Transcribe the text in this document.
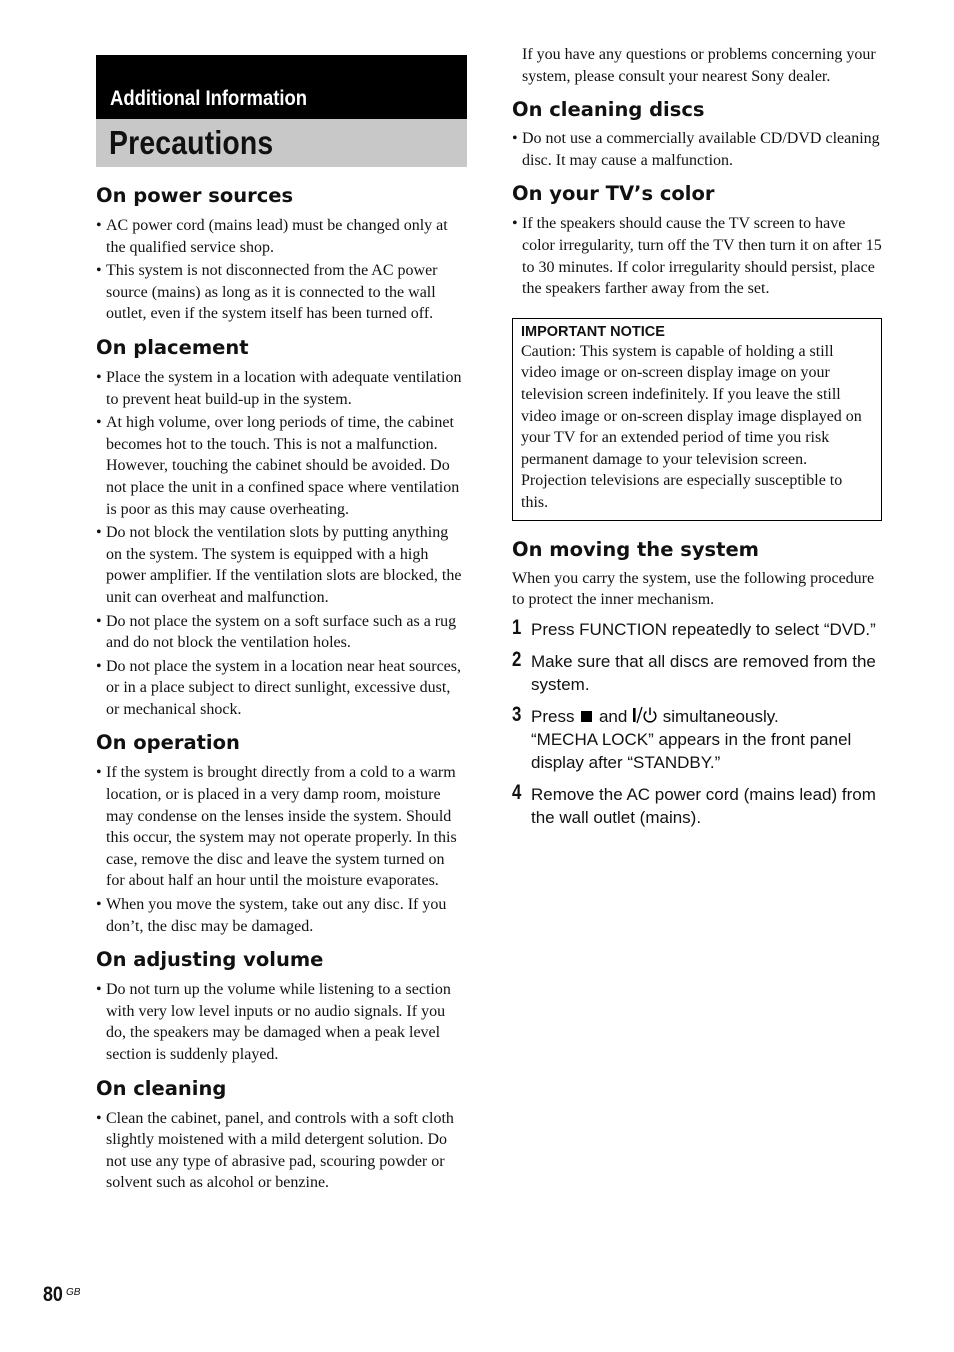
Additional Information
Precautions
On power sources
• AC power cord (mains lead) must be changed only at the qualified service shop.
• This system is not disconnected from the AC power source (mains) as long as it is connected to the wall outlet, even if the system itself has been turned off.
On placement
• Place the system in a location with adequate ventilation to prevent heat build-up in the system.
• At high volume, over long periods of time, the cabinet becomes hot to the touch. This is not a malfunction. However, touching the cabinet should be avoided. Do not place the unit in a confined space where ventilation is poor as this may cause overheating.
• Do not block the ventilation slots by putting anything on the system. The system is equipped with a high power amplifier. If the ventilation slots are blocked, the unit can overheat and malfunction.
• Do not place the system on a soft surface such as a rug and do not block the ventilation holes.
• Do not place the system in a location near heat sources, or in a place subject to direct sunlight, excessive dust, or mechanical shock.
On operation
• If the system is brought directly from a cold to a warm location, or is placed in a very damp room, moisture may condense on the lenses inside the system. Should this occur, the system may not operate properly. In this case, remove the disc and leave the system turned on for about half an hour until the moisture evaporates.
• When you move the system, take out any disc. If you don’t, the disc may be damaged.
On adjusting volume
• Do not turn up the volume while listening to a section with very low level inputs or no audio signals. If you do, the speakers may be damaged when a peak level section is suddenly played.
On cleaning
• Clean the cabinet, panel, and controls with a soft cloth slightly moistened with a mild detergent solution. Do not use any type of abrasive pad, scouring powder or solvent such as alcohol or benzine.

If you have any questions or problems concerning your system, please consult your nearest Sony dealer.

On cleaning discs
• Do not use a commercially available CD/DVD cleaning disc. It may cause a malfunction.
On your TV’s color
• If the speakers should cause the TV screen to have color irregularity, turn off the TV then turn it on after 15 to 30 minutes. If color irregularity should persist, place the speakers farther away from the set.
IMPORTANT NOTICE
Caution: This system is capable of holding a still video image or on-screen display image on your television screen indefinitely. If you leave the still video image or on-screen display image displayed on your TV for an extended period of time you risk permanent damage to your television screen. Projection televisions are especially susceptible to this.
On moving the system

When you carry the system, use the following procedure to protect the inner mechanism.

1 Press FUNCTION repeatedly to select “DVD.”
2 Make sure that all discs are removed from the system.
3 Press and simultaneously.
“MECHA LOCK” appears in the front panel display after “STANDBY.”
4 Remove the AC power cord (mains lead) from the wall outlet (mains).
80 GB
